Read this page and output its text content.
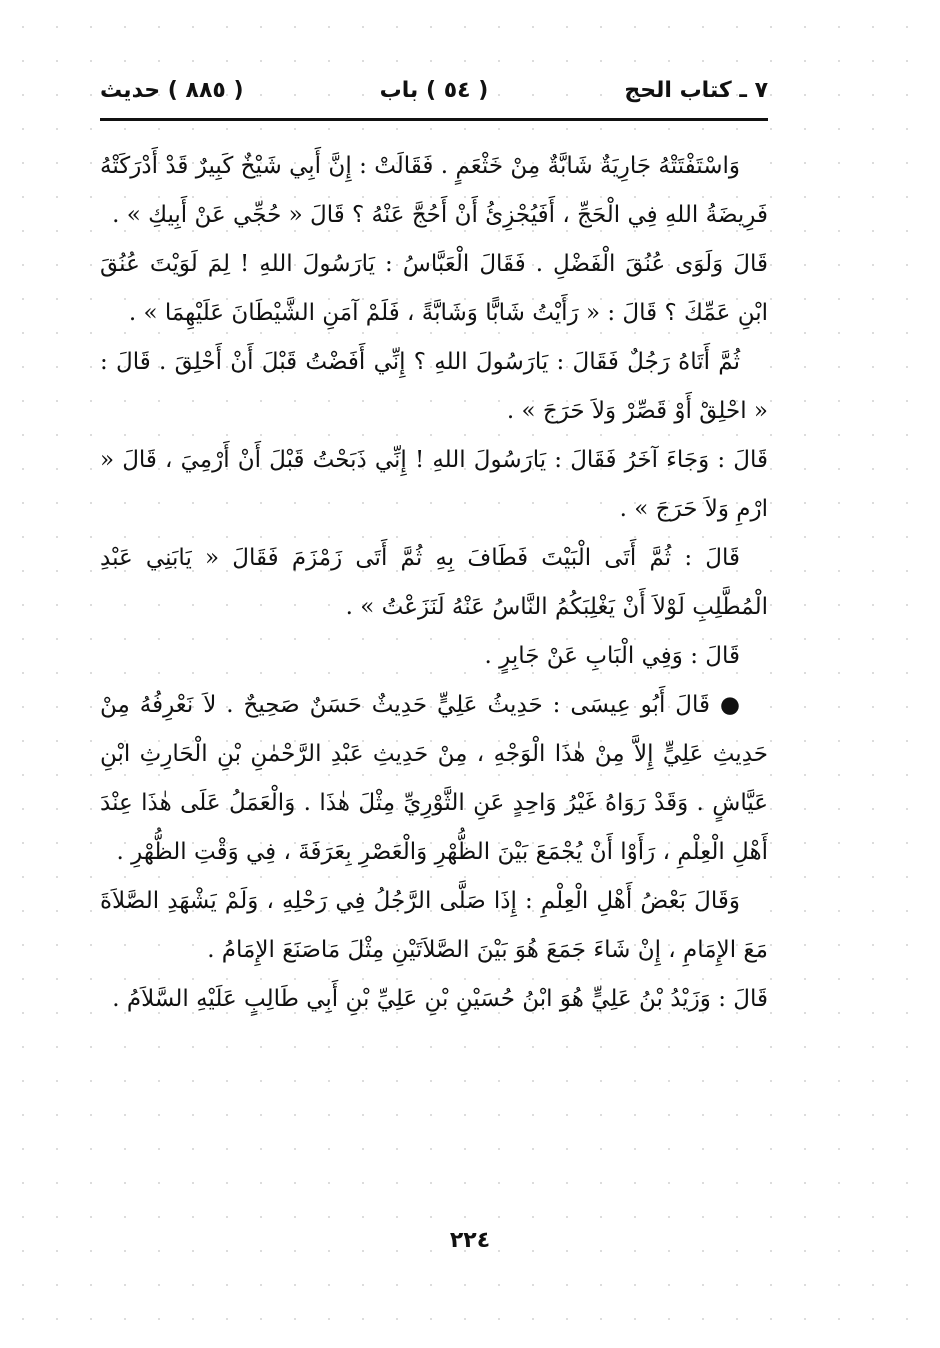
٧ ـ كتاب الحج
( ٥٤ ) باب
( ٨٨٥ ) حديث

وَاسْتَفْتَتْهُ جَارِيَةٌ شَابَّةٌ مِنْ خَثْعَمٍ . فَقَالَتْ : إِنَّ أَبِي شَيْخٌ كَبِيرٌ قَدْ أَدْرَكَتْهُ فَرِيضَةُ اللهِ فِي الْحَجِّ ، أَفَيُجْزِئُ أَنْ أَحُجَّ عَنْهُ ؟ قَالَ « حُجِّي عَنْ أَبِيكِ » .

قَالَ وَلَوَى عُنُقَ الْفَضْلِ . فَقَالَ الْعَبَّاسُ : يَارَسُولَ اللهِ ! لِمَ لَوَيْتَ عُنُقَ ابْنِ عَمِّكَ ؟ قَالَ : « رَأَيْتُ شَابًّا وَشَابَّةً ، فَلَمْ آمَنِ الشَّيْطَانَ عَلَيْهِمَا » .

ثُمَّ أَتَاهُ رَجُلٌ فَقَالَ : يَارَسُولَ اللهِ ؟ إِنِّي أَفَضْتُ قَبْلَ أَنْ أَحْلِقَ . قَالَ : « احْلِقْ أَوْ قَصِّرْ وَلاَ حَرَجَ » .

قَالَ : وَجَاءَ آخَرُ فَقَالَ : يَارَسُولَ اللهِ ! إِنِّي ذَبَحْتُ قَبْلَ أَنْ أَرْمِيَ ، قَالَ « ارْمِ وَلاَ حَرَجَ » .

قَالَ : ثُمَّ أَتَى الْبَيْتَ فَطَافَ بِهِ ثُمَّ أَتَى زَمْزَمَ فَقَالَ « يَابَنِي عَبْدِ الْمُطَّلِبِ لَوْلاَ أَنْ يَغْلِبَكُمُ النَّاسُ عَنْهُ لَنَزَعْتُ » .

قَالَ : وَفِي الْبَابِ عَنْ جَابِرٍ .

● قَالَ أَبُو عِيسَى : حَدِيثُ عَلِيٍّ حَدِيثٌ حَسَنٌ صَحِيحٌ . لاَ نَعْرِفُهُ مِنْ حَدِيثِ عَلِيٍّ إِلاَّ مِنْ هٰذَا الْوَجْهِ ، مِنْ حَدِيثِ عَبْدِ الرَّحْمٰنِ بْنِ الْحَارِثِ ابْنِ عَيَّاشٍ . وَقَدْ رَوَاهُ غَيْرُ وَاحِدٍ عَنِ الثَّوْرِيِّ مِثْلَ هٰذَا . وَالْعَمَلُ عَلَى هٰذَا عِنْدَ أَهْلِ الْعِلْمِ ، رَأَوْا أَنْ يُجْمَعَ بَيْنَ الظُّهْرِ وَالْعَصْرِ بِعَرَفَةَ ، فِي وَقْتِ الظُّهْرِ .

وَقَالَ بَعْضُ أَهْلِ الْعِلْمِ : إِذَا صَلَّى الرَّجُلُ فِي رَحْلِهِ ، وَلَمْ يَشْهَدِ الصَّلاَةَ مَعَ الإِمَامِ ، إِنْ شَاءَ جَمَعَ هُوَ بَيْنَ الصَّلاَتَيْنِ مِثْلَ مَاصَنَعَ الإِمَامُ .

قَالَ : وَزَيْدُ بْنُ عَلِيٍّ هُوَ ابْنُ حُسَيْنِ بْنِ عَلِيِّ بْنِ أَبِي طَالِبٍ عَلَيْهِ السَّلاَمُ .

٢٢٤
